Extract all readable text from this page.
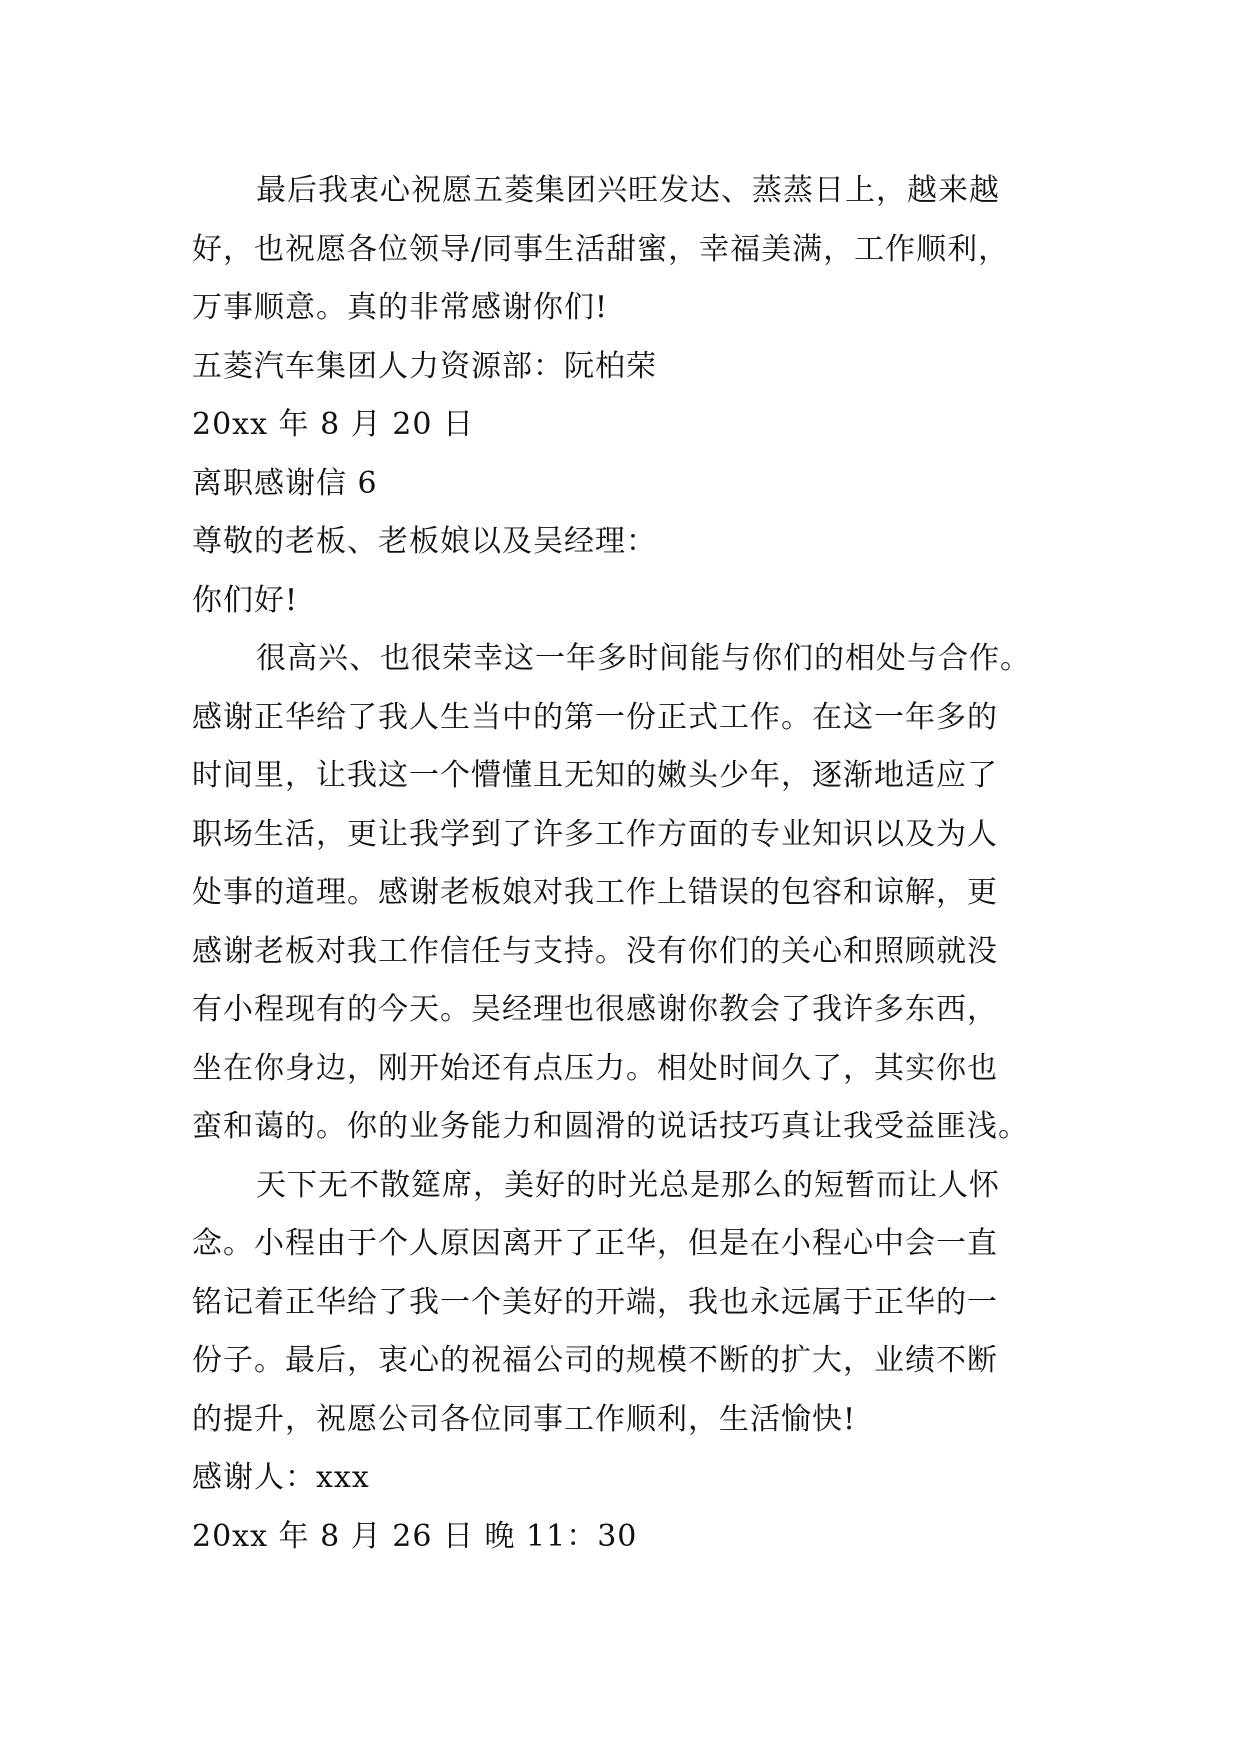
最后我衷心祝愿五菱集团兴旺发达、蒸蒸日上，越来越
好，也祝愿各位领导/同事生活甜蜜，幸福美满，工作顺利，
万事顺意。真的非常感谢你们!

五菱汽车集团人力资源部：阮柏荣

20xx 年 8 月 20 日

离职感谢信 6

尊敬的老板、老板娘以及吴经理：

你们好!

很高兴、也很荣幸这一年多时间能与你们的相处与合作。
感谢正华给了我人生当中的第一份正式工作。在这一年多的
时间里，让我这一个懵懂且无知的嫩头少年，逐渐地适应了
职场生活，更让我学到了许多工作方面的专业知识以及为人
处事的道理。感谢老板娘对我工作上错误的包容和谅解，更
感谢老板对我工作信任与支持。没有你们的关心和照顾就没
有小程现有的今天。吴经理也很感谢你教会了我许多东西，
坐在你身边，刚开始还有点压力。相处时间久了，其实你也
蛮和蔼的。你的业务能力和圆滑的说话技巧真让我受益匪浅。

天下无不散筵席，美好的时光总是那么的短暂而让人怀
念。小程由于个人原因离开了正华，但是在小程心中会一直
铭记着正华给了我一个美好的开端，我也永远属于正华的一
份子。最后，衷心的祝福公司的规模不断的扩大，业绩不断
的提升，祝愿公司各位同事工作顺利，生活愉快!

感谢人：xxx

20xx 年 8 月 26 日 晚 11：30
